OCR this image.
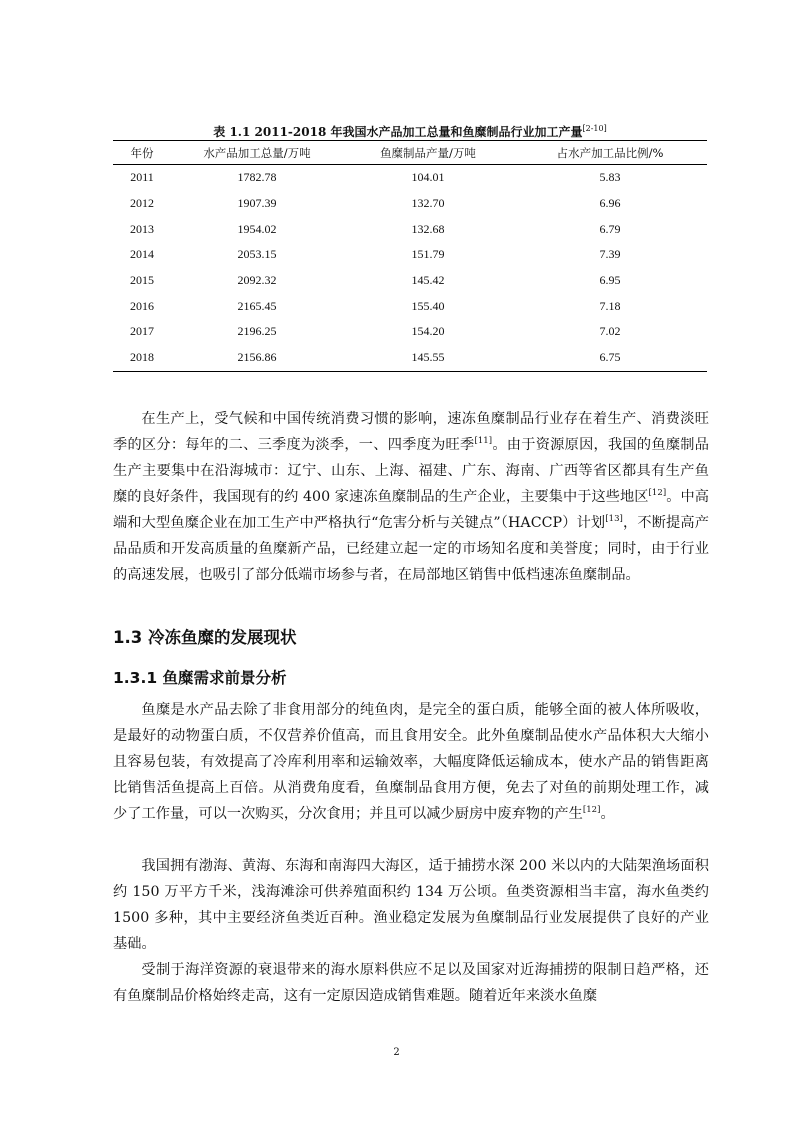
表 1.1 2011-2018 年我国水产品加工总量和鱼糜制品行业加工产量[2-10]
年份	水产品加工总量/万吨	鱼糜制品产量/万吨	占水产加工品比例/%
2011	1782.78	104.01	5.83
2012	1907.39	132.70	6.96
2013	1954.02	132.68	6.79
2014	2053.15	151.79	7.39
2015	2092.32	145.42	6.95
2016	2165.45	155.40	7.18
2017	2196.25	154.20	7.02
2018	2156.86	145.55	6.75
在生产上，受气候和中国传统消费习惯的影响，速冻鱼糜制品行业存在着生产、消费淡旺季的区分：每年的二、三季度为淡季，一、四季度为旺季[11]。由于资源原因，我国的鱼糜制品生产主要集中在沿海城市：辽宁、山东、上海、福建、广东、海南、广西等省区都具有生产鱼糜的良好条件，我国现有的约 400 家速冻鱼糜制品的生产企业，主要集中于这些地区[12]。中高端和大型鱼糜企业在加工生产中严格执行“危害分析与关键点”（HACCP）计划[13]，不断提高产品品质和开发高质量的鱼糜新产品，已经建立起一定的市场知名度和美誉度；同时，由于行业的高速发展，也吸引了部分低端市场参与者，在局部地区销售中低档速冻鱼糜制品。
1.3 冷冻鱼糜的发展现状
1.3.1 鱼糜需求前景分析
鱼糜是水产品去除了非食用部分的纯鱼肉，是完全的蛋白质，能够全面的被人体所吸收，是最好的动物蛋白质，不仅营养价值高，而且食用安全。此外鱼糜制品使水产品体积大大缩小且容易包装，有效提高了冷库利用率和运输效率，大幅度降低运输成本，使水产品的销售距离比销售活鱼提高上百倍。从消费角度看，鱼糜制品食用方便，免去了对鱼的前期处理工作，减少了工作量，可以一次购买，分次食用；并且可以减少厨房中废弃物的产生[12]。
我国拥有渤海、黄海、东海和南海四大海区，适于捕捞水深 200 米以内的大陆架渔场面积约 150 万平方千米，浅海滩涂可供养殖面积约 134 万公顷。鱼类资源相当丰富，海水鱼类约 1500 多种，其中主要经济鱼类近百种。渔业稳定发展为鱼糜制品行业发展提供了良好的产业基础。
受制于海洋资源的衰退带来的海水原料供应不足以及国家对近海捕捞的限制日趋严格，还有鱼糜制品价格始终走高，这有一定原因造成销售难题。随着近年来淡水鱼糜
2
